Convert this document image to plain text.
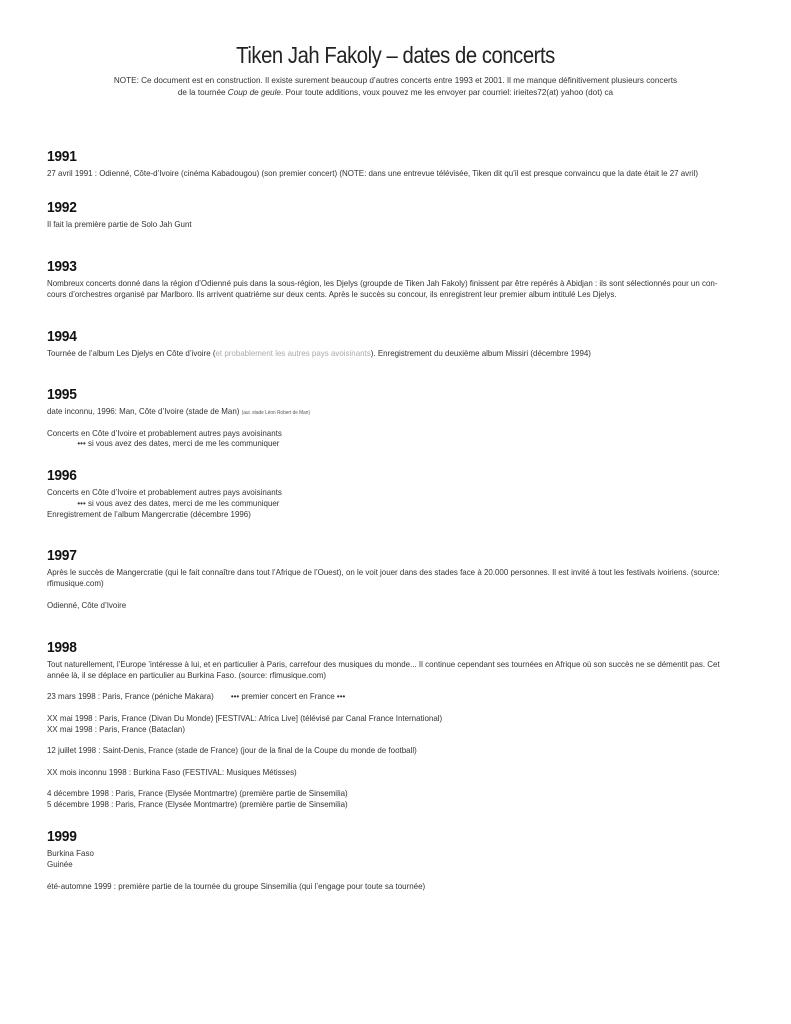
Tiken Jah Fakoly – dates de concerts
NOTE: Ce document est en construction. Il existe surement beaucoup d’autres concerts entre 1993 et 2001. Il me manque définitivement plusieurs concerts
de la tournée Coup de geule. Pour toute additions, voux pouvez me les envoyer par courriel: irieites72(at) yahoo (dot) ca
1991
27 avril 1991 : Odienné, Côte-d’Ivoire (cinéma Kabadougou) (son premier concert) (NOTE: dans une entrevue télévisée, Tiken dit qu’il est presque convaincu que la date était le 27 avril)
1992
Il fait la première partie de Solo Jah Gunt
1993
Nombreux concerts donné dans la région d’Odienné puis dans la sous-région, les Djelys (groupde de Tiken Jah Fakoly) finissent par être repérés à Abidjan : ils sont sélectionnés pour un con-
cours d’orchestres organisé par Marlboro. Ils arrivent quatrième sur deux cents. Après le succès su concour, ils enregistrent leur premier album intitulé Les Djelys.
1994
Tournée de l’album Les Djelys en Côte d’ivoire (et probablement les autres pays avoisinants). Enregistrement du deuxième album Missiri (décembre 1994)
1995
date inconnu, 1996: Man, Côte d’Ivoire (stade de Man) (aui. stade Léon Robert de Man)
Concerts en Côte d’Ivoire et probablement autres pays avoisinants
••• si vous avez des dates, merci de me les communiquer
1996
Concerts en Côte d’Ivoire et probablement autres pays avoisinants
••• si vous avez des dates, merci de me les communiquer
Enregistrement de l’album Mangercratie (décembre 1996)
1997
Après le succès de Mangercratie (qui le fait connaître dans tout l’Afrique de l’Ouest), on le voit jouer dans des stades face à 20.000 personnes. Il est invité à tout les festivals ivoiriens. (source:
rfimusique.com)
Odienné, Côte d’Ivoire
1998
Tout naturellement, l’Europe ’intéresse à lui, et en particulier à Paris, carrefour des musiques du monde... Il continue cependant ses tournées en Afrique où son succès ne se démentit pas. Cet
année là, il se déplace en particulier au Burkina Faso. (source: rfimusique.com)
23 mars 1998 : Paris, France (péniche Makara) ••• premier concert en France •••
XX mai 1998 : Paris, France (Divan Du Monde) [FESTIVAL: Africa Live] (télévisé par Canal France International)
XX mai 1998 : Paris, France (Bataclan)
12 juillet 1998 : Saint-Denis, France (stade de France) (jour de la final de la Coupe du monde de football)
XX mois inconnu 1998 : Burkina Faso (FESTIVAL: Musiques Métisses)
4 décembre 1998 : Paris, France (Elysée Montmartre) (première partie de Sinsemilia)
5 décembre 1998 : Paris, France (Elysée Montmartre) (première partie de Sinsemilia)
1999
Burkina Faso
Guinée
été-automne 1999 : première partie de la tournée du groupe Sinsemilia (qui l’engage pour toute sa tournée)
